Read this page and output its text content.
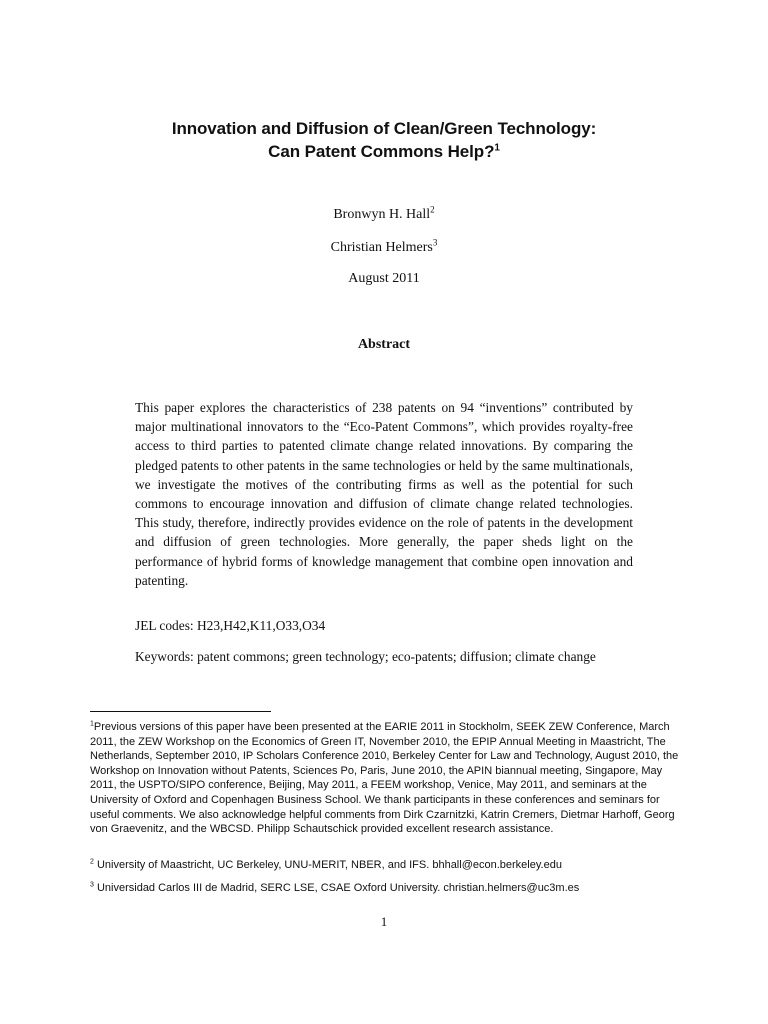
Innovation and Diffusion of Clean/Green Technology:
Can Patent Commons Help?$^1$
Bronwyn H. Hall$^2$
Christian Helmers$^3$
August 2011
Abstract
This paper explores the characteristics of 238 patents on 94 “inventions” contributed by major multinational innovators to the “Eco-Patent Commons”, which provides royalty-free access to third parties to patented climate change related innovations. By comparing the pledged patents to other patents in the same technologies or held by the same multinationals, we investigate the motives of the contributing firms as well as the potential for such commons to encourage innovation and diffusion of climate change related technologies. This study, therefore, indirectly provides evidence on the role of patents in the development and diffusion of green technologies. More generally, the paper sheds light on the performance of hybrid forms of knowledge management that combine open innovation and patenting.
JEL codes: H23,H42,K11,O33,O34
Keywords: patent commons; green technology; eco-patents; diffusion; climate change
$^1$Previous versions of this paper have been presented at the EARIE 2011 in Stockholm, SEEK ZEW Conference, March 2011, the ZEW Workshop on the Economics of Green IT, November 2010, the EPIP Annual Meeting in Maastricht, The Netherlands, September 2010, IP Scholars Conference 2010, Berkeley Center for Law and Technology, August 2010, the Workshop on Innovation without Patents, Sciences Po, Paris, June 2010, the APIN biannual meeting, Singapore, May 2011, the USPTO/SIPO conference, Beijing, May 2011, a FEEM workshop, Venice, May 2011, and seminars at the University of Oxford and Copenhagen Business School. We thank participants in these conferences and seminars for useful comments. We also acknowledge helpful comments from Dirk Czarnitzki, Katrin Cremers, Dietmar Harhoff, Georg von Graevenitz, and the WBCSD. Philipp Schautschick provided excellent research assistance.
$^2$ University of Maastricht, UC Berkeley, UNU-MERIT, NBER, and IFS. bhhall@econ.berkeley.edu
$^3$ Universidad Carlos III de Madrid, SERC LSE, CSAE Oxford University. christian.helmers@uc3m.es
1
